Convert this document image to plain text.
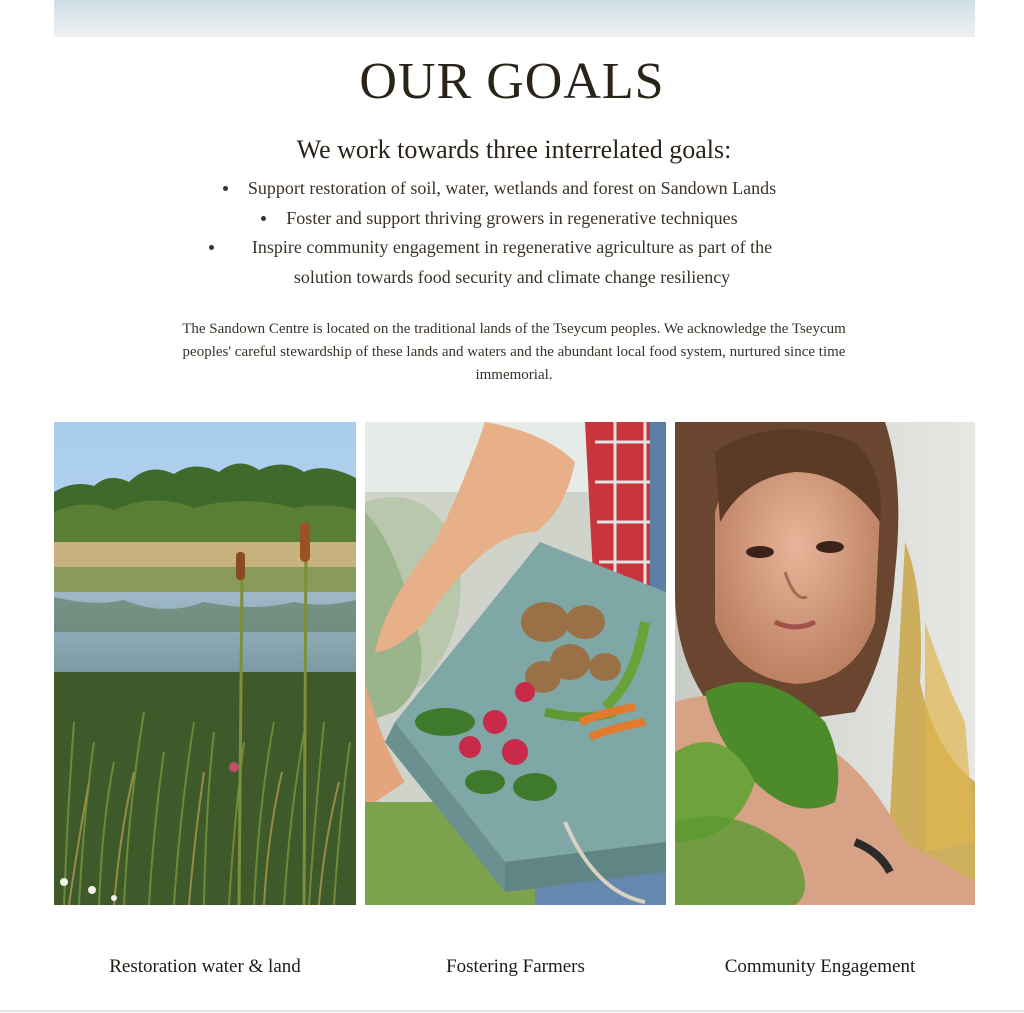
OUR GOALS
We work towards three interrelated goals:
Support restoration of soil, water, wetlands and forest on Sandown Lands
Foster and support thriving growers in regenerative techniques
Inspire community engagement in regenerative agriculture as part of the solution towards food security and climate change resiliency

The Sandown Centre is located on the traditional lands of the Tseycum peoples. We acknowledge the Tseycum peoples' careful stewardship of these lands and waters and the abundant local food system, nurtured since time immemorial.

Restoration water & land	Fostering Farmers	Community Engagement
